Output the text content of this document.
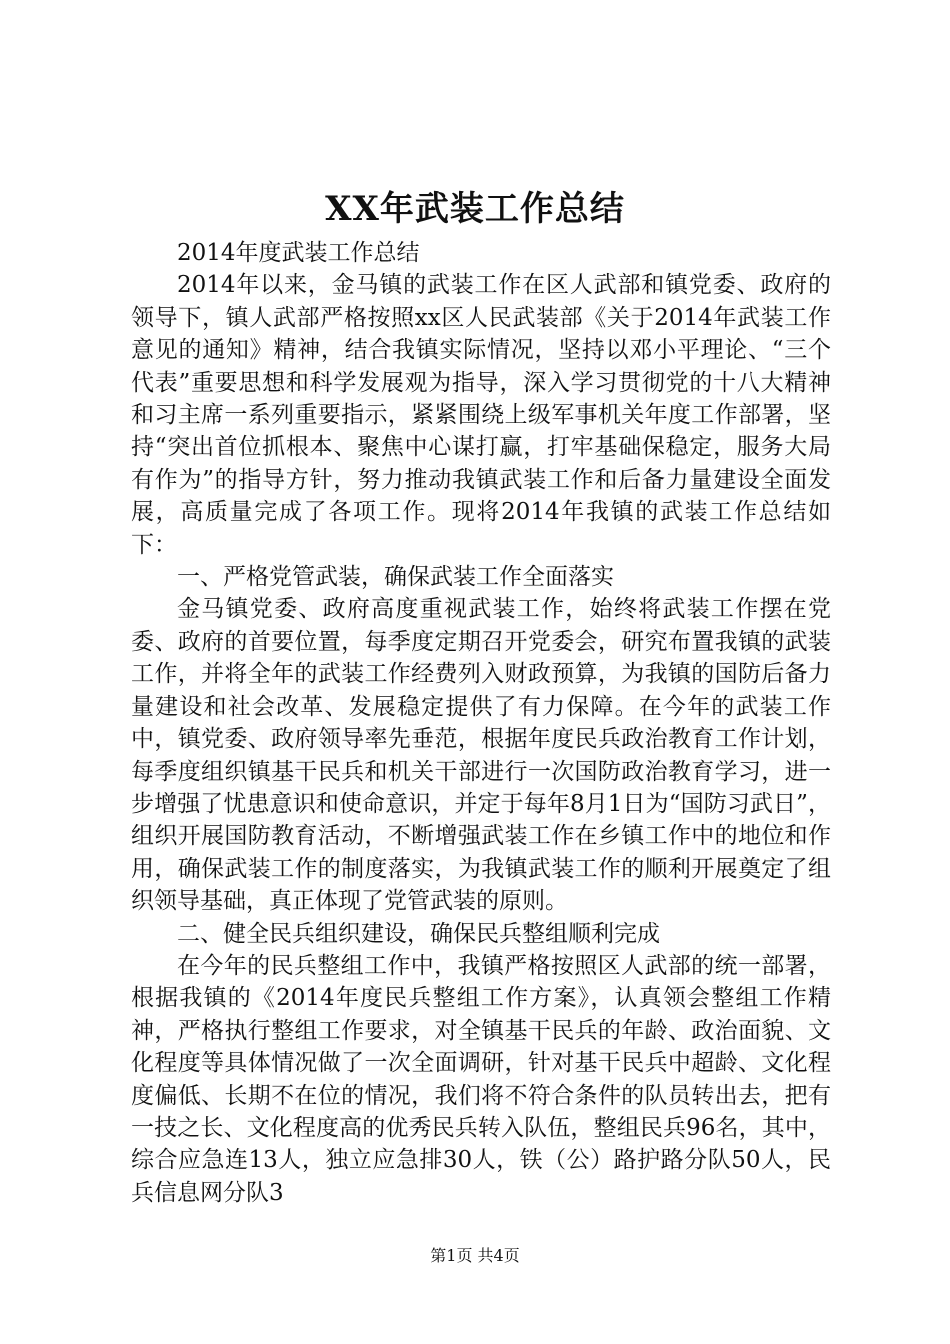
XX年武装工作总结

2014年度武装工作总结

2014年以来，金马镇的武装工作在区人武部和镇党委、政府的领导下，镇人武部严格按照xx区人民武装部《关于2014年武装工作意见的通知》精神，结合我镇实际情况，坚持以邓小平理论、“三个代表”重要思想和科学发展观为指导，深入学习贯彻党的十八大精神和习主席一系列重要指示，紧紧围绕上级军事机关年度工作部署，坚持“突出首位抓根本、聚焦中心谋打赢，打牢基础保稳定，服务大局有作为”的指导方针，努力推动我镇武装工作和后备力量建设全面发展，高质量完成了各项工作。现将2014年我镇的武装工作总结如下：

一、严格党管武装，确保武装工作全面落实

金马镇党委、政府高度重视武装工作，始终将武装工作摆在党委、政府的首要位置，每季度定期召开党委会，研究布置我镇的武装工作，并将全年的武装工作经费列入财政预算，为我镇的国防后备力量建设和社会改革、发展稳定提供了有力保障。在今年的武装工作中，镇党委、政府领导率先垂范，根据年度民兵政治教育工作计划，每季度组织镇基干民兵和机关干部进行一次国防政治教育学习，进一步增强了忧患意识和使命意识，并定于每年8月1日为“国防习武日”，组织开展国防教育活动，不断增强武装工作在乡镇工作中的地位和作用，确保武装工作的制度落实，为我镇武装工作的顺利开展奠定了组织领导基础，真正体现了党管武装的原则。

二、健全民兵组织建设，确保民兵整组顺利完成

在今年的民兵整组工作中，我镇严格按照区人武部的统一部署，根据我镇的《2014年度民兵整组工作方案》，认真领会整组工作精神，严格执行整组工作要求，对全镇基干民兵的年龄、政治面貌、文化程度等具体情况做了一次全面调研，针对基干民兵中超龄、文化程度偏低、长期不在位的情况，我们将不符合条件的队员转出去，把有一技之长、文化程度高的优秀民兵转入队伍，整组民兵96名，其中，综合应急连13人，独立应急排30人，铁（公）路护路分队50人，民兵信息网分队3

第1页 共4页
